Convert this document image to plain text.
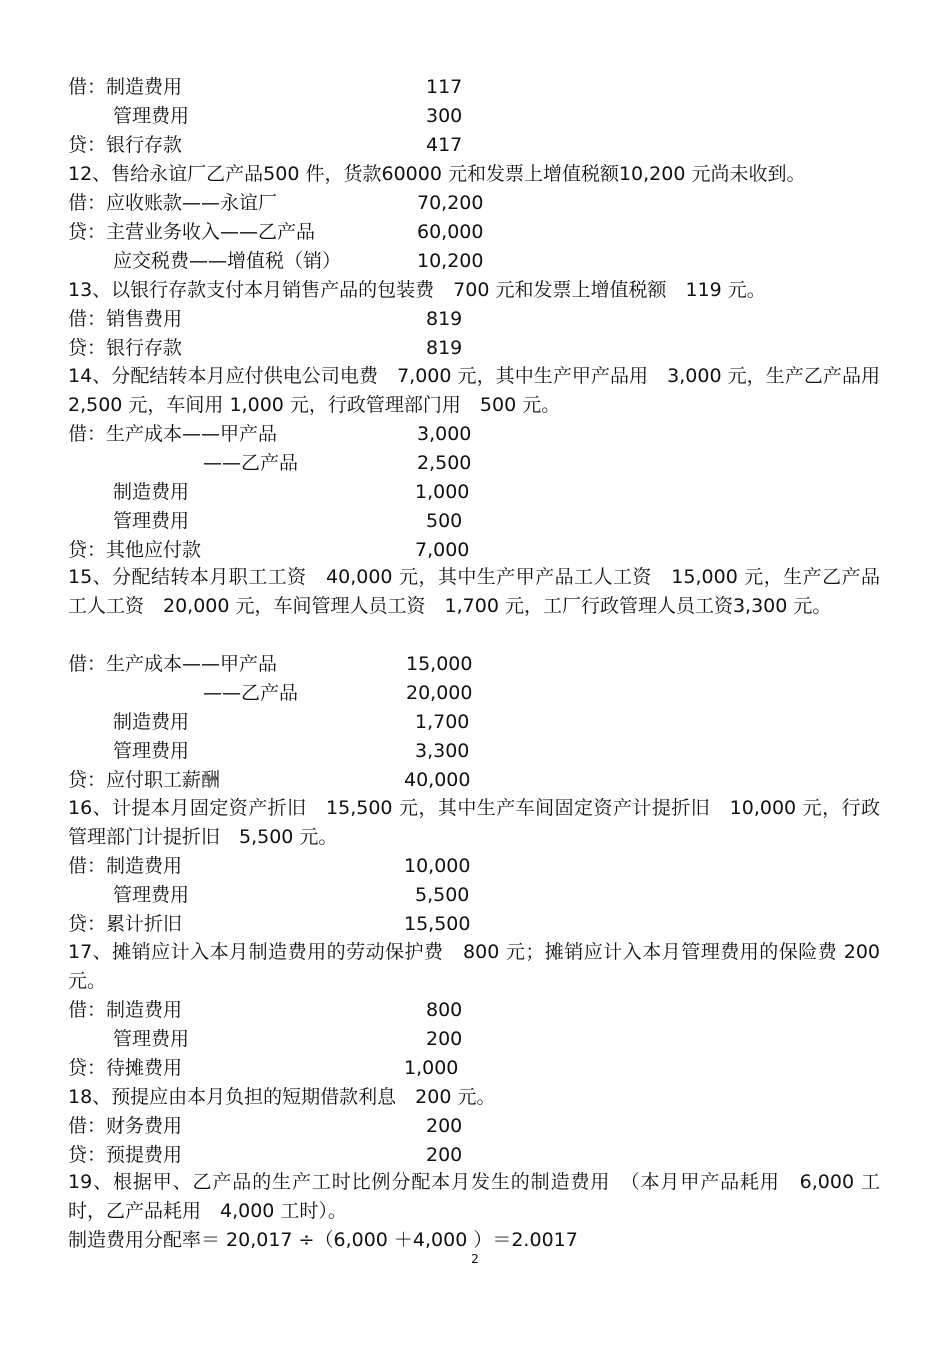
借：制造费用	117
管理费用	300
贷：银行存款	417
12、售给永谊厂乙产品500 件，货款60000 元和发票上增值税额10,200 元尚未收到。
借：应收账款——永谊厂	70,200
贷：主营业务收入——乙产品	60,000
应交税费——增值税（销）	10,200
13、以银行存款支付本月销售产品的包装费　700 元和发票上增值税额　119 元。
借：销售费用	819
贷：银行存款	819
14、分配结转本月应付供电公司电费　7,000 元，其中生产甲产品用　3,000 元，生产乙产品用 2,500 元，车间用 1,000 元，行政管理部门用　500 元。
借：生产成本——甲产品	3,000
——乙产品	2,500
制造费用	1,000
管理费用	500
贷：其他应付款	7,000
15、分配结转本月职工工资　40,000 元，其中生产甲产品工人工资　15,000 元，生产乙产品工人工资　20,000 元，车间管理人员工资　1,700 元，工厂行政管理人员工资3,300 元。
借：生产成本——甲产品	15,000
——乙产品	20,000
制造费用	1,700
管理费用	3,300
贷：应付职工薪酬	40,000
16、计提本月固定资产折旧　15,500 元，其中生产车间固定资产计提折旧　10,000 元，行政管理部门计提折旧　5,500 元。
借：制造费用	10,000
管理费用	5,500
贷：累计折旧	15,500
17、摊销应计入本月制造费用的劳动保护费　800 元；摊销应计入本月管理费用的保险费 200 元。
借：制造费用	800
管理费用	200
贷：待摊费用	1,000
18、预提应由本月负担的短期借款利息　200 元。
借：财务费用	200
贷：预提费用	200
19、根据甲、乙产品的生产工时比例分配本月发生的制造费用　（本月甲产品耗用　6,000 工时，乙产品耗用　4,000 工时）。
制造费用分配率＝ 20,017 ÷（6,000 ＋4,000 ）＝2.0017
2
